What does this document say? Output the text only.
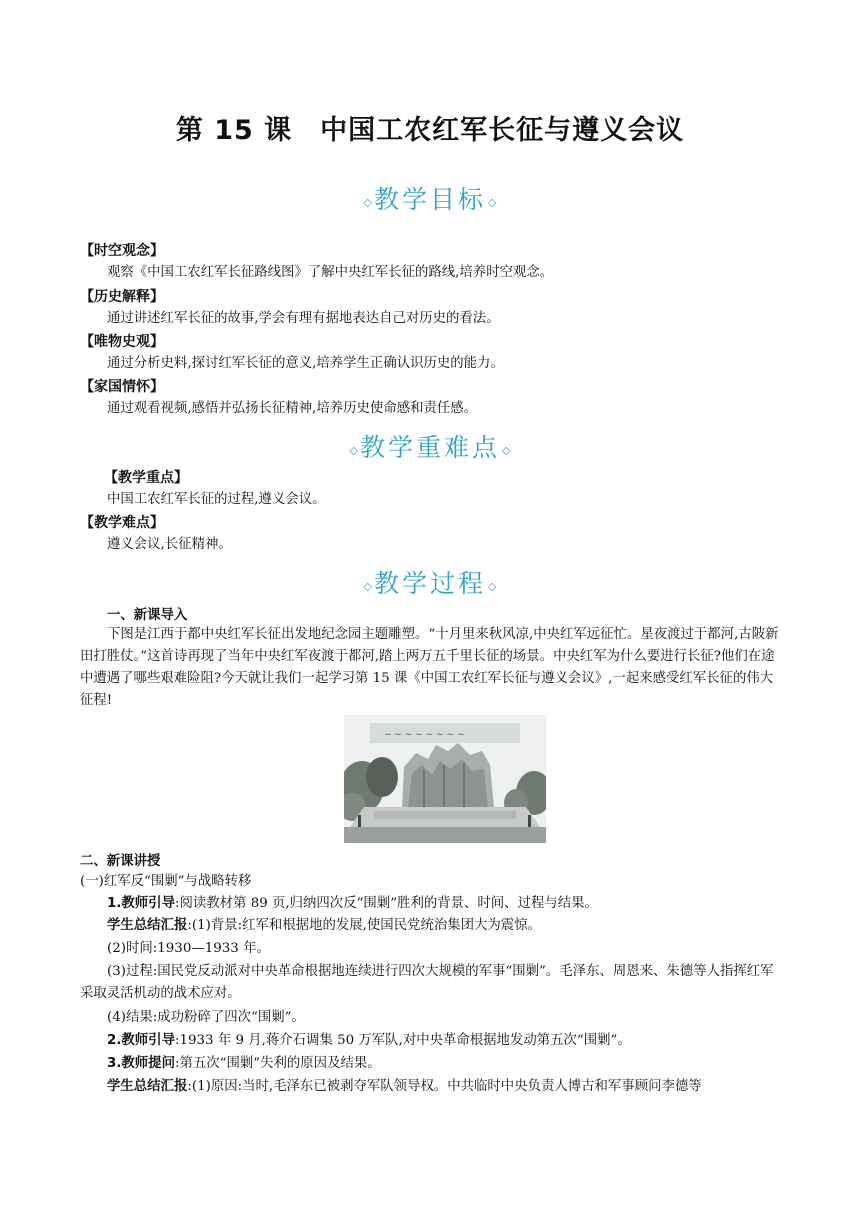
第 15 课　中国工农红军长征与遵义会议
◇教学目标 ◇
【时空观念】
观察《中国工农红军长征路线图》了解中央红军长征的路线,培养时空观念。
【历史解释】
通过讲述红军长征的故事,学会有理有据地表达自己对历史的看法。
【唯物史观】
通过分析史料,探讨红军长征的意义,培养学生正确认识历史的能力。
【家国情怀】
通过观看视频,感悟并弘扬长征精神,培养历史使命感和责任感。
◇教学重难点 ◇
【教学重点】
中国工农红军长征的过程,遵义会议。
【教学难点】
遵义会议,长征精神。
◇教学过程 ◇
一、新课导入
下图是江西于都中央红军长征出发地纪念园主题雕塑。“十月里来秋风凉,中央红军远征忙。星夜渡过于都河,古陂新田打胜仗。”这首诗再现了当年中央红军夜渡于都河,踏上两万五千里长征的场景。中央红军为什么要进行长征?他们在途中遭遇了哪些艰难险阻?今天就让我们一起学习第 15 课《中国工农红军长征与遵义会议》,一起来感受红军长征的伟大征程!
~ ~ ~ ~ ~ ~ ~ ~
二、新课讲授
(一)红军反“围剿”与战略转移
1.教师引导:阅读教材第 89 页,归纳四次反“围剿”胜利的背景、时间、过程与结果。
学生总结汇报:(1)背景:红军和根据地的发展,使国民党统治集团大为震惊。
(2)时间:1930—1933 年。
(3)过程:国民党反动派对中央革命根据地连续进行四次大规模的军事“围剿”。毛泽东、周恩来、朱德等人指挥红军采取灵活机动的战术应对。
(4)结果:成功粉碎了四次“围剿”。
2.教师引导:1933 年 9 月,蒋介石调集 50 万军队,对中央革命根据地发动第五次“围剿”。
3.教师提问:第五次“围剿”失利的原因及结果。
学生总结汇报:(1)原因:当时,毛泽东已被剥夺军队领导权。中共临时中央负责人博古和军事顾问李德等
